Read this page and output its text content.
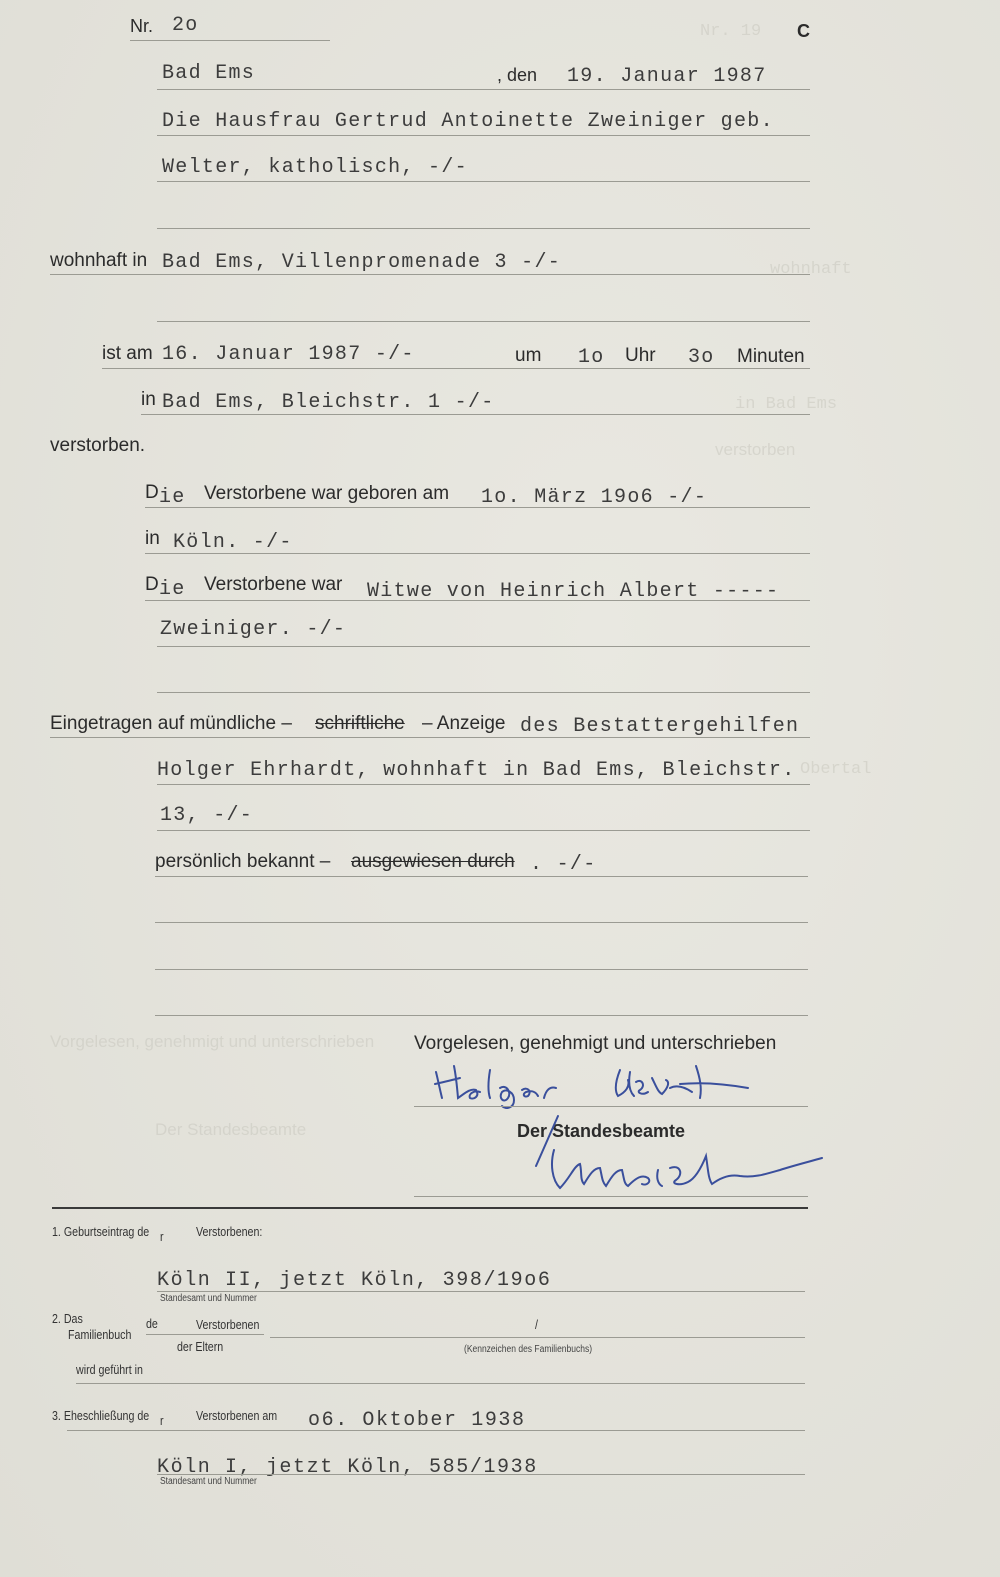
Nr. 19
wohnhaft
in Bad Ems
verstorben
Obertal
Vorgelesen, genehmigt und unterschrieben
Der Standesbeamte
Nr. 2o	C
Bad Ems	, den 19. Januar 1987
Die Hausfrau Gertrud Antoinette Zweiniger geb.
Welter, katholisch, -/-
wohnhaft in Bad Ems, Villenpromenade 3 -/-
ist am 16. Januar 1987 -/-	um 1o Uhr 3o Minuten
in Bad Ems, Bleichstr. 1 -/-
verstorben.
D ie Verstorbene war geboren am 1o. März 19o6 -/-
in Köln. -/-
D ie Verstorbene war Witwe von Heinrich Albert -----
Zweiniger. -/-
Eingetragen auf mündliche – schriftliche – Anzeige des Bestattergehilfen
Holger Ehrhardt, wohnhaft in Bad Ems, Bleichstr.
13, -/-
persönlich bekannt – ausgewiesen durch . -/-
Vorgelesen, genehmigt und unterschrieben
Der Standesbeamte
1. Geburtseintrag de r Verstorbenen:
Köln II, jetzt Köln, 398/19o6
Standesamt und Nummer
2. Das
Familienbuch
de	Verstorbenen
der Eltern
/
(Kennzeichen des Familienbuchs)
wird geführt in
3. Eheschließung de r Verstorbenen am o6. Oktober 1938
Köln I, jetzt Köln, 585/1938
Standesamt und Nummer
